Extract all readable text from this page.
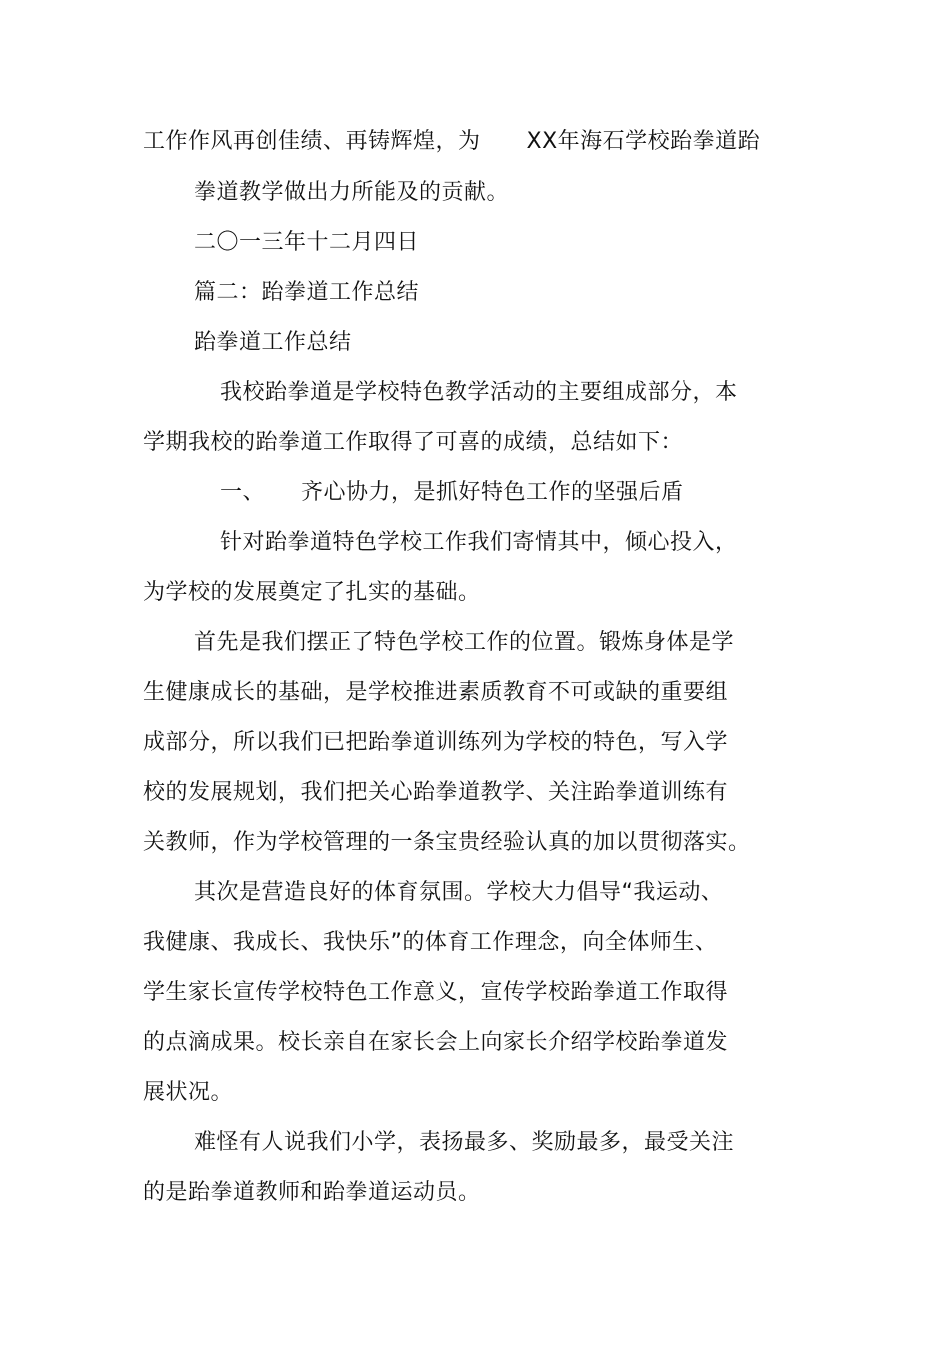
工作作风再创佳绩、再铸辉煌，为 XX年海石学校跆拳道跆
拳道教学做出力所能及的贡献。
二〇一三年十二月四日
篇二：跆拳道工作总结
跆拳道工作总结
我校跆拳道是学校特色教学活动的主要组成部分，本
学期我校的跆拳道工作取得了可喜的成绩，总结如下：
一、 齐心协力，是抓好特色工作的坚强后盾
针对跆拳道特色学校工作我们寄情其中，倾心投入，
为学校的发展奠定了扎实的基础。
首先是我们摆正了特色学校工作的位置。锻炼身体是学
生健康成长的基础，是学校推进素质教育不可或缺的重要组
成部分，所以我们已把跆拳道训练列为学校的特色，写入学
校的发展规划，我们把关心跆拳道教学、关注跆拳道训练有
关教师，作为学校管理的一条宝贵经验认真的加以贯彻落实。
其次是营造良好的体育氛围。学校大力倡导“我运动、
我健康、我成长、我快乐”的体育工作理念，向全体师生、
学生家长宣传学校特色工作意义，宣传学校跆拳道工作取得
的点滴成果。校长亲自在家长会上向家长介绍学校跆拳道发
展状况。
难怪有人说我们小学，表扬最多、奖励最多，最受关注
的是跆拳道教师和跆拳道运动员。
